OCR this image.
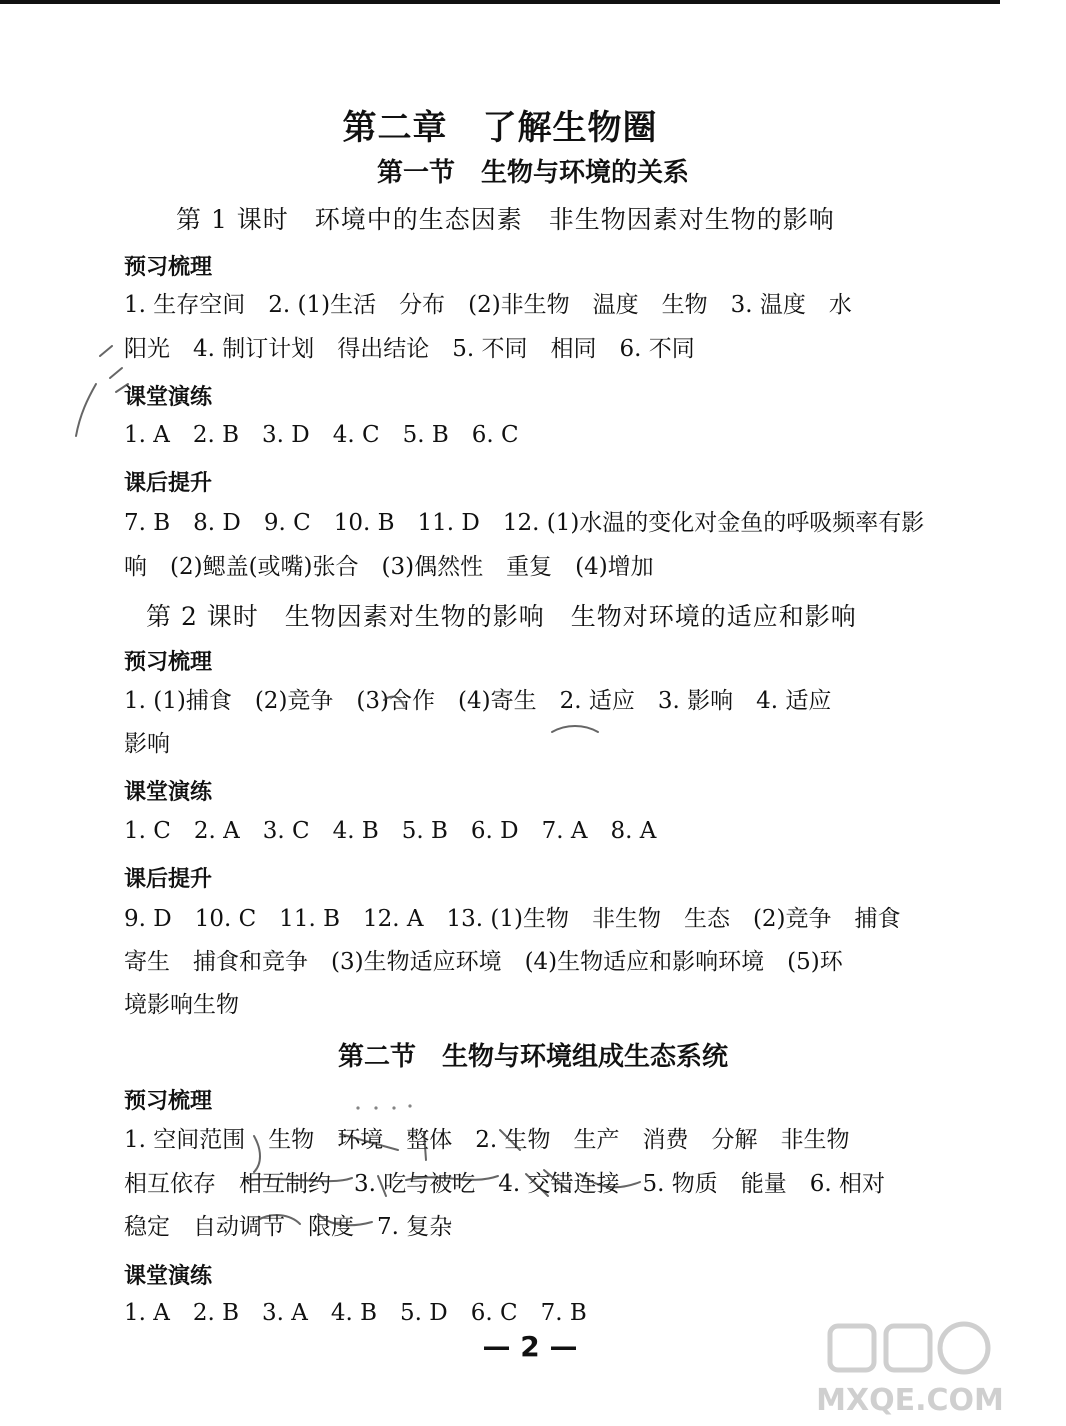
第二章　了解生物圈
第一节　生物与环境的关系
第 1 课时　环境中的生态因素　非生物因素对生物的影响
预习梳理
1. 生存空间　2. (1)生活　分布　(2)非生物　温度　生物　3. 温度　水
阳光　4. 制订计划　得出结论　5. 不同　相同　6. 不同
课堂演练
1. A　2. B　3. D　4. C　5. B　6. C
课后提升
7. B　8. D　9. C　10. B　11. D　12. (1)水温的变化对金鱼的呼吸频率有影
响　(2)鳃盖(或嘴)张合　(3)偶然性　重复　(4)增加
第 2 课时　生物因素对生物的影响　生物对环境的适应和影响
预习梳理
1. (1)捕食　(2)竞争　(3)合作　(4)寄生　2. 适应　3. 影响　4. 适应
影响
课堂演练
1. C　2. A　3. C　4. B　5. B　6. D　7. A　8. A
课后提升
9. D　10. C　11. B　12. A　13. (1)生物　非生物　生态　(2)竞争　捕食
寄生　捕食和竞争　(3)生物适应环境　(4)生物适应和影响环境　(5)环
境影响生物
第二节　生物与环境组成生态系统
预习梳理
1. 空间范围　生物　环境　整体　2. 生物　生产　消费　分解　非生物
相互依存　相互制约　3. 吃与被吃　4. 交错连接　5. 物质　能量　6. 相对
稳定　自动调节　限度　7. 复杂
课堂演练
1. A　2. B　3. A　4. B　5. D　6. C　7. B
— 2 —
MXQE.COM
